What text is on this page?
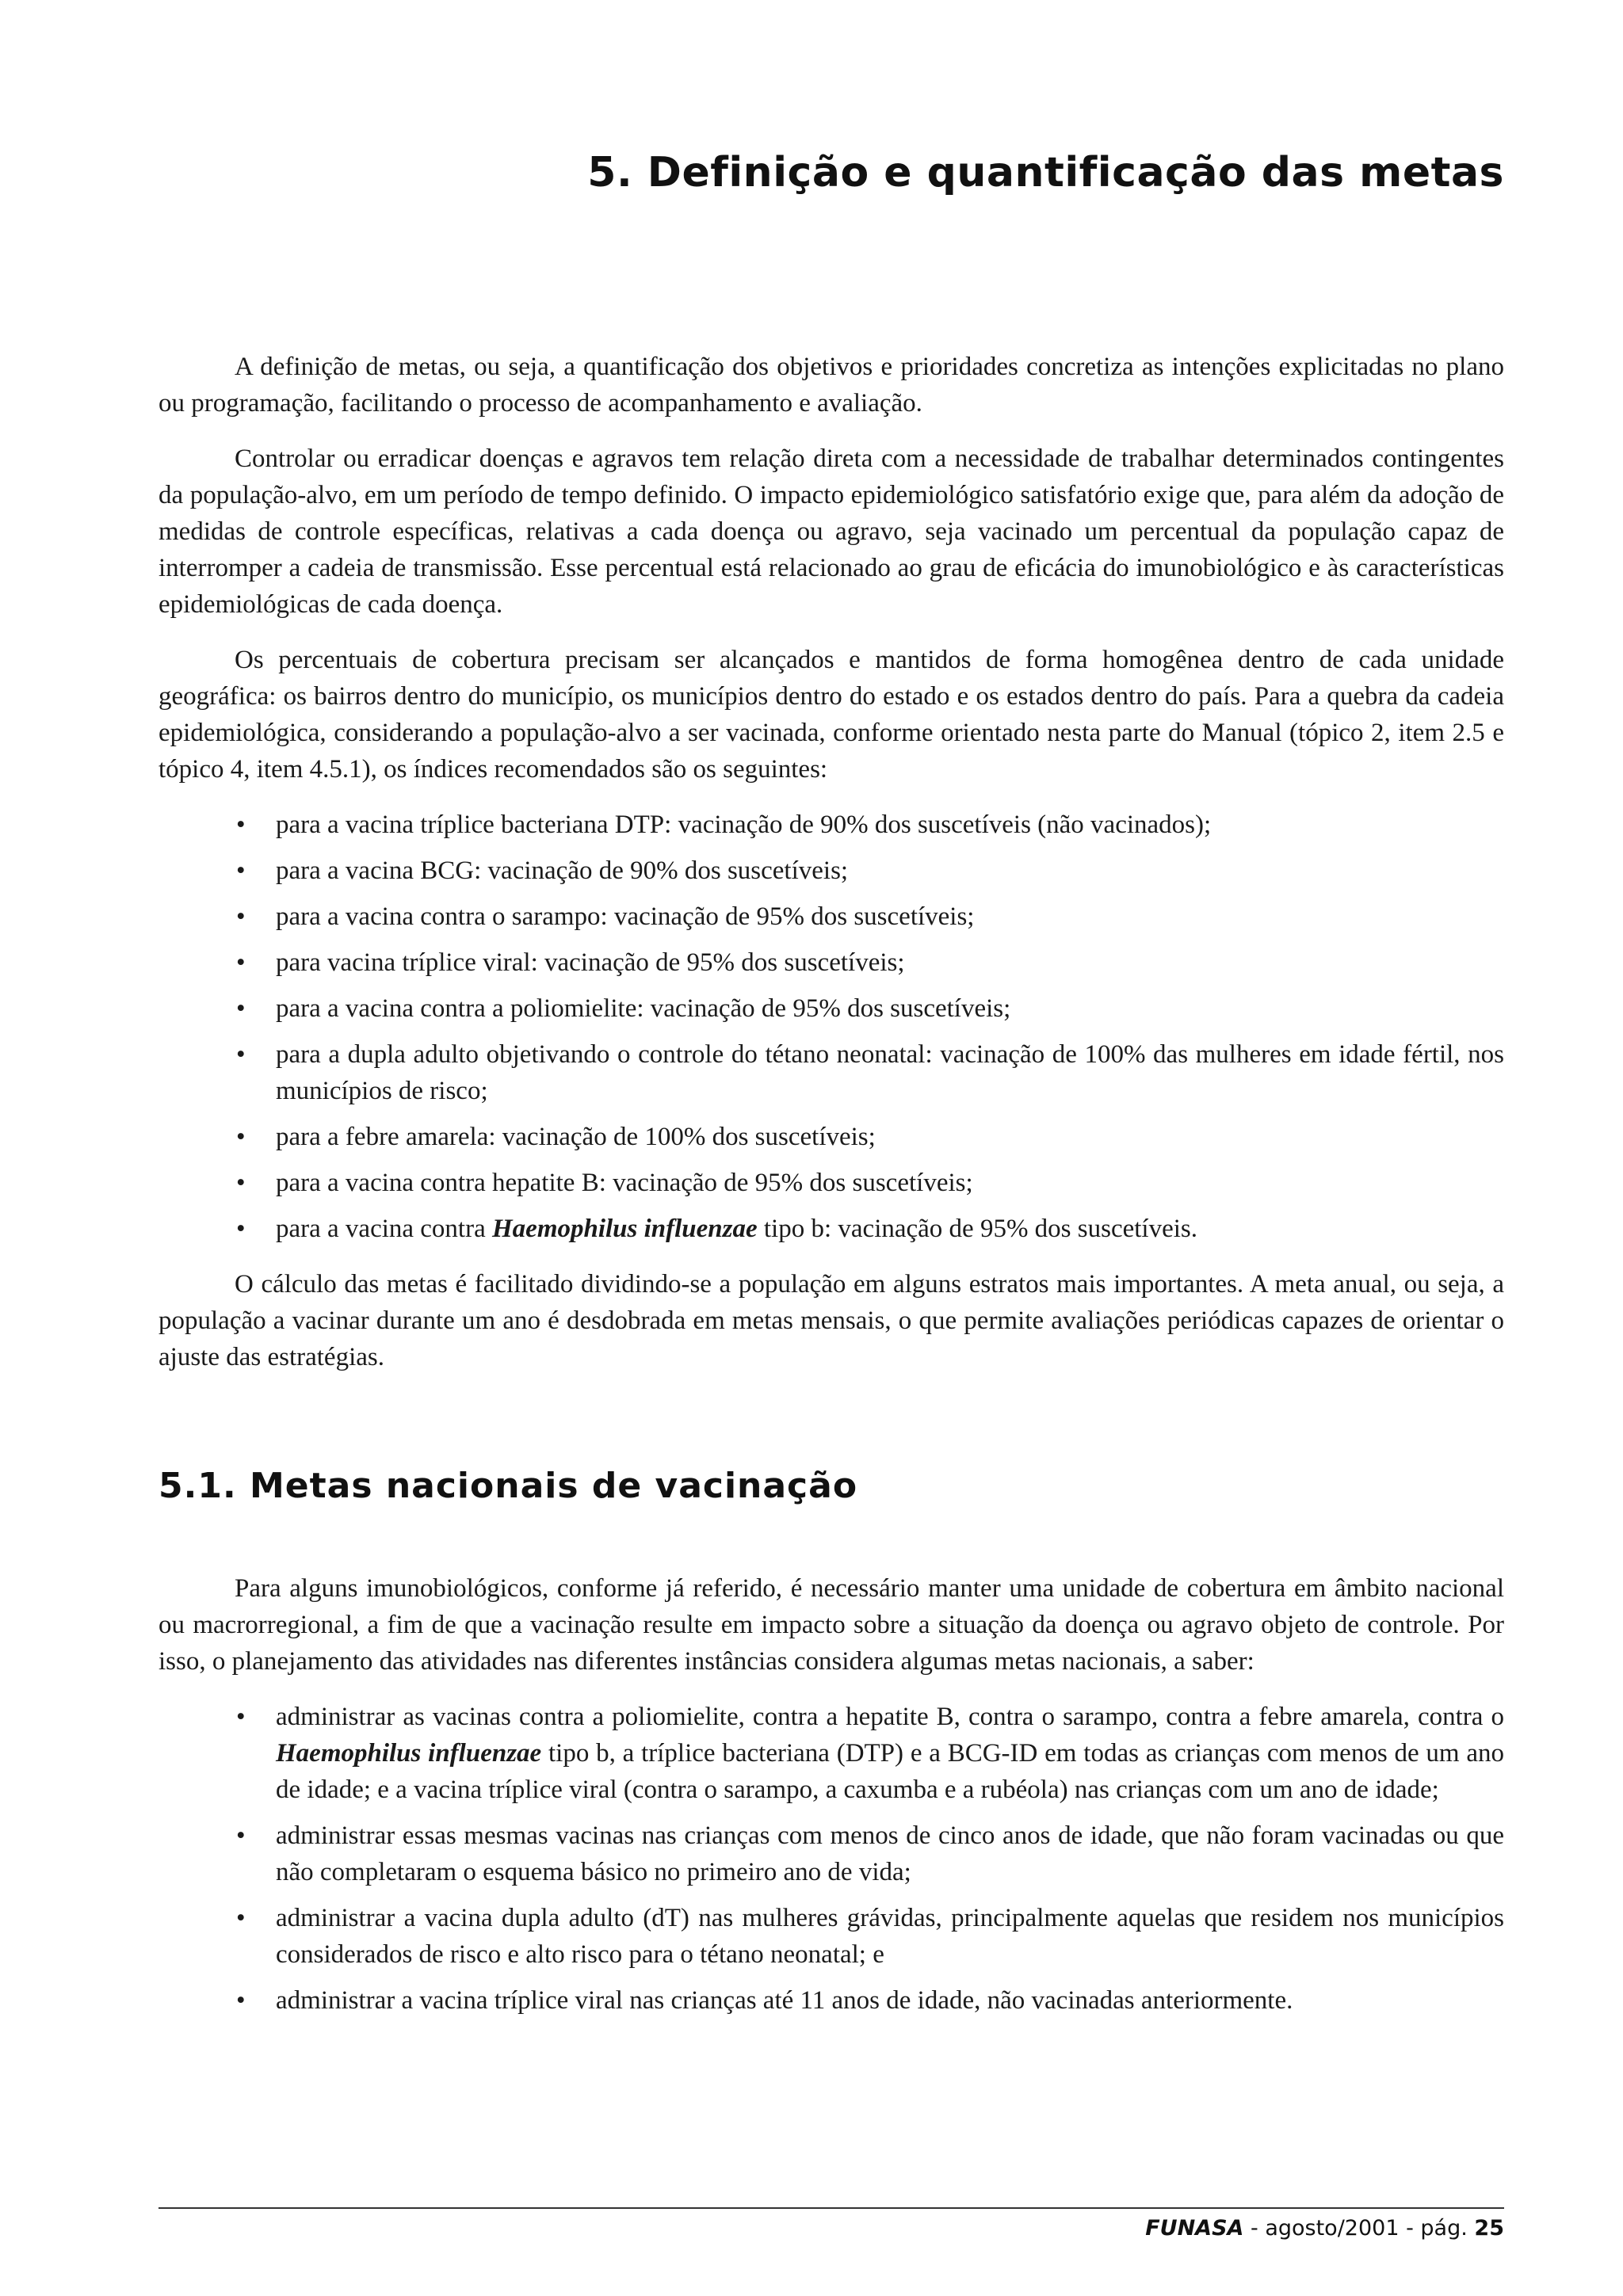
5. Definição e quantificação das metas

A definição de metas, ou seja, a quantificação dos objetivos e prioridades concretiza as intenções explicitadas no plano ou programação, facilitando o processo de acompanhamento e avaliação.

Controlar ou erradicar doenças e agravos tem relação direta com a necessidade de trabalhar determinados contingentes da população-alvo, em um período de tempo definido. O impacto epidemiológico satisfatório exige que, para além da adoção de medidas de controle específicas, relativas a cada doença ou agravo, seja vacinado um percentual da população capaz de interromper a cadeia de transmissão. Esse percentual está relacionado ao grau de eficácia do imunobiológico e às características epidemiológicas de cada doença.

Os percentuais de cobertura precisam ser alcançados e mantidos de forma homogênea dentro de cada unidade geográfica: os bairros dentro do município, os municípios dentro do estado e os estados dentro do país. Para a quebra da cadeia epidemiológica, considerando a população-alvo a ser vacinada, conforme orientado nesta parte do Manual (tópico 2, item 2.5 e tópico 4, item 4.5.1), os índices recomendados são os seguintes:

• para a vacina tríplice bacteriana DTP: vacinação de 90% dos suscetíveis (não vacinados);
• para a vacina BCG: vacinação de 90% dos suscetíveis;
• para a vacina contra o sarampo: vacinação de 95% dos suscetíveis;
• para vacina tríplice viral: vacinação de 95% dos suscetíveis;
• para a vacina contra a poliomielite: vacinação de 95% dos suscetíveis;
• para a dupla adulto objetivando o controle do tétano neonatal: vacinação de 100% das mulheres em idade fértil, nos municípios de risco;
• para a febre amarela: vacinação de 100% dos suscetíveis;
• para a vacina contra hepatite B: vacinação de 95% dos suscetíveis;
• para a vacina contra Haemophilus influenzae tipo b: vacinação de 95% dos suscetíveis.

O cálculo das metas é facilitado dividindo-se a população em alguns estratos mais importantes. A meta anual, ou seja, a população a vacinar durante um ano é desdobrada em metas mensais, o que permite avaliações periódicas capazes de orientar o ajuste das estratégias.

5.1. Metas nacionais de vacinação

Para alguns imunobiológicos, conforme já referido, é necessário manter uma unidade de cobertura em âmbito nacional ou macrorregional, a fim de que a vacinação resulte em impacto sobre a situação da doença ou agravo objeto de controle. Por isso, o planejamento das atividades nas diferentes instâncias considera algumas metas nacionais, a saber:

• administrar as vacinas contra a poliomielite, contra a hepatite B, contra o sarampo, contra a febre amarela, contra o Haemophilus influenzae tipo b, a tríplice bacteriana (DTP) e a BCG-ID em todas as crianças com menos de um ano de idade; e a vacina tríplice viral (contra o sarampo, a caxumba e a rubéola) nas crianças com um ano de idade;
• administrar essas mesmas vacinas nas crianças com menos de cinco anos de idade, que não foram vacinadas ou que não completaram o esquema básico no primeiro ano de vida;
• administrar a vacina dupla adulto (dT) nas mulheres grávidas, principalmente aquelas que residem nos municípios considerados de risco e alto risco para o tétano neonatal; e
• administrar a vacina tríplice viral nas crianças até 11 anos de idade, não vacinadas anteriormente.
FUNASA - agosto/2001 - pág. 25
